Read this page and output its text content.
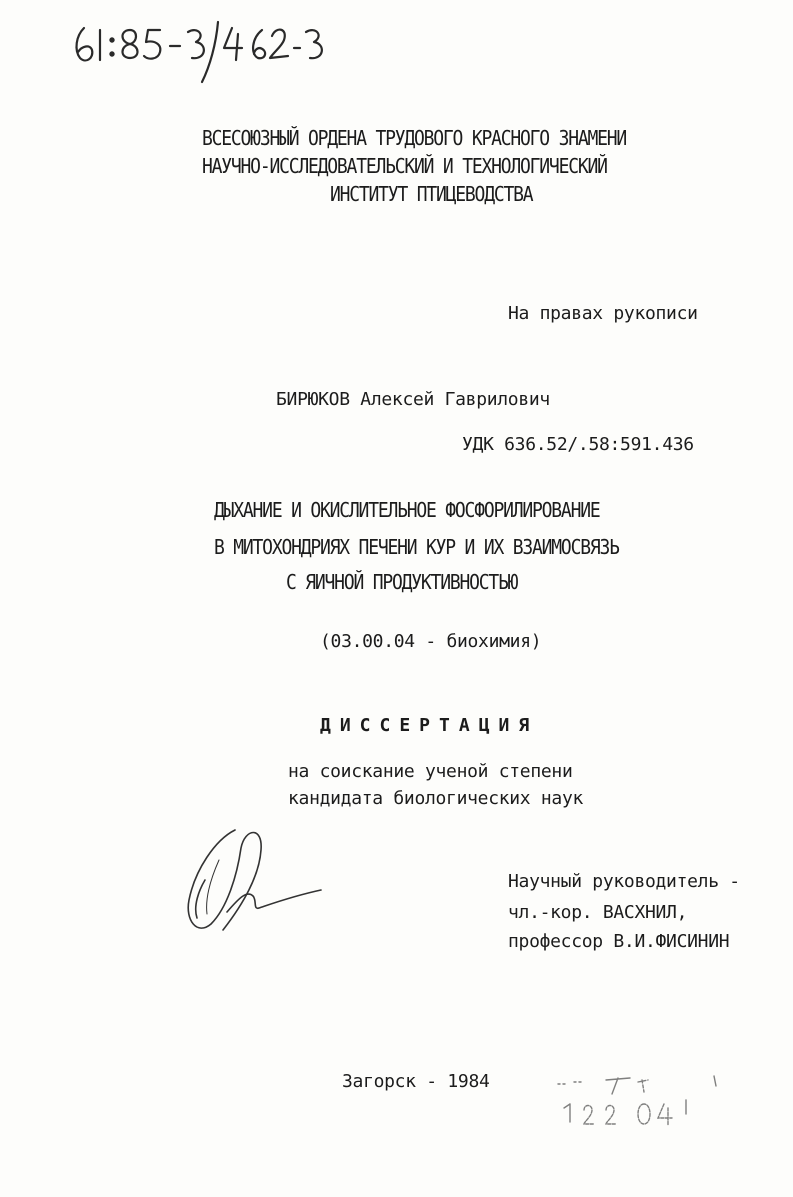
ВСЕСОЮЗНЫЙ ОРДЕНА ТРУДОВОГО КРАСНОГО ЗНАМЕНИ
НАУЧНО-ИССЛЕДОВАТЕЛЬСКИЙ И ТЕХНОЛОГИЧЕСКИЙ
ИНСТИТУТ ПТИЦЕВОДСТВА
На правах рукописи
БИРЮКОВ Алексей Гаврилович
УДК 636.52/.58:591.436
ДЫХАНИЕ И ОКИСЛИТЕЛЬНОЕ ФОСФОРИЛИРОВАНИЕ
В МИТОХОНДРИЯХ ПЕЧЕНИ КУР И ИХ ВЗАИМОСВЯЗЬ
С ЯИЧНОЙ ПРОДУКТИВНОСТЬЮ
(03.00.04 - биохимия)
ДИССЕРТАЦИЯ
на соискание ученой степени
кандидата биологических наук
Научный руководитель -
чл.-кор. ВАСХНИЛ,
профессор В.И.ФИСИНИН
Загорск - 1984
